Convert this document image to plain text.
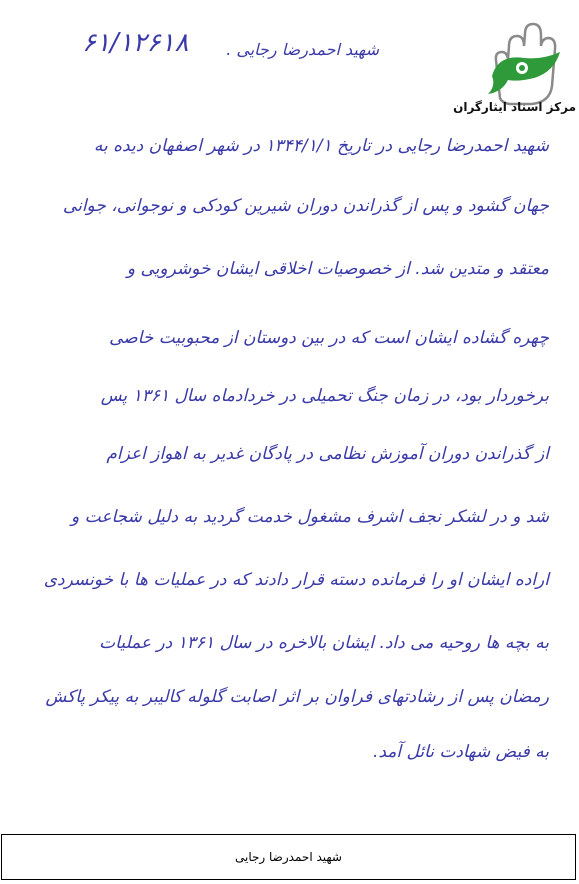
۶۱/۱۲۶۱۸ شهید احمدرضا رجایی .
شهید احمدرضا رجایی در تاریخ ۱۳۴۴/۱/۱ در شهر اصفهان دیده به
جهان گشود و پس از گذراندن دوران شیرین کودکی و نوجوانی، جوانی
معتقد و متدین شد. از خصوصیات اخلاقی ایشان خوشرویی و
چهره گشاده ایشان است که در بین دوستان از محبوبیت خاصی
برخوردار بود، در زمان جنگ تحمیلی در خردادماه سال ۱۳۶۱ پس
از گذراندن دوران آموزش نظامی در پادگان غدیر به اهواز اعزام
شد و در لشکر نجف اشرف مشغول خدمت گردید به دلیل شجاعت و
اراده ایشان او را فرمانده دسته قرار دادند که در عملیات ها با خونسردی
به بچه ها روحیه می داد. ایشان بالاخره در سال ۱۳۶۱ در عملیات
رمضان پس از رشادتهای فراوان بر اثر اصابت گلوله کالیبر به پیکر پاکش
به فیض شهادت نائل آمد.
مرکز اسناد ایثارگران
شهید احمدرضا رجایی
